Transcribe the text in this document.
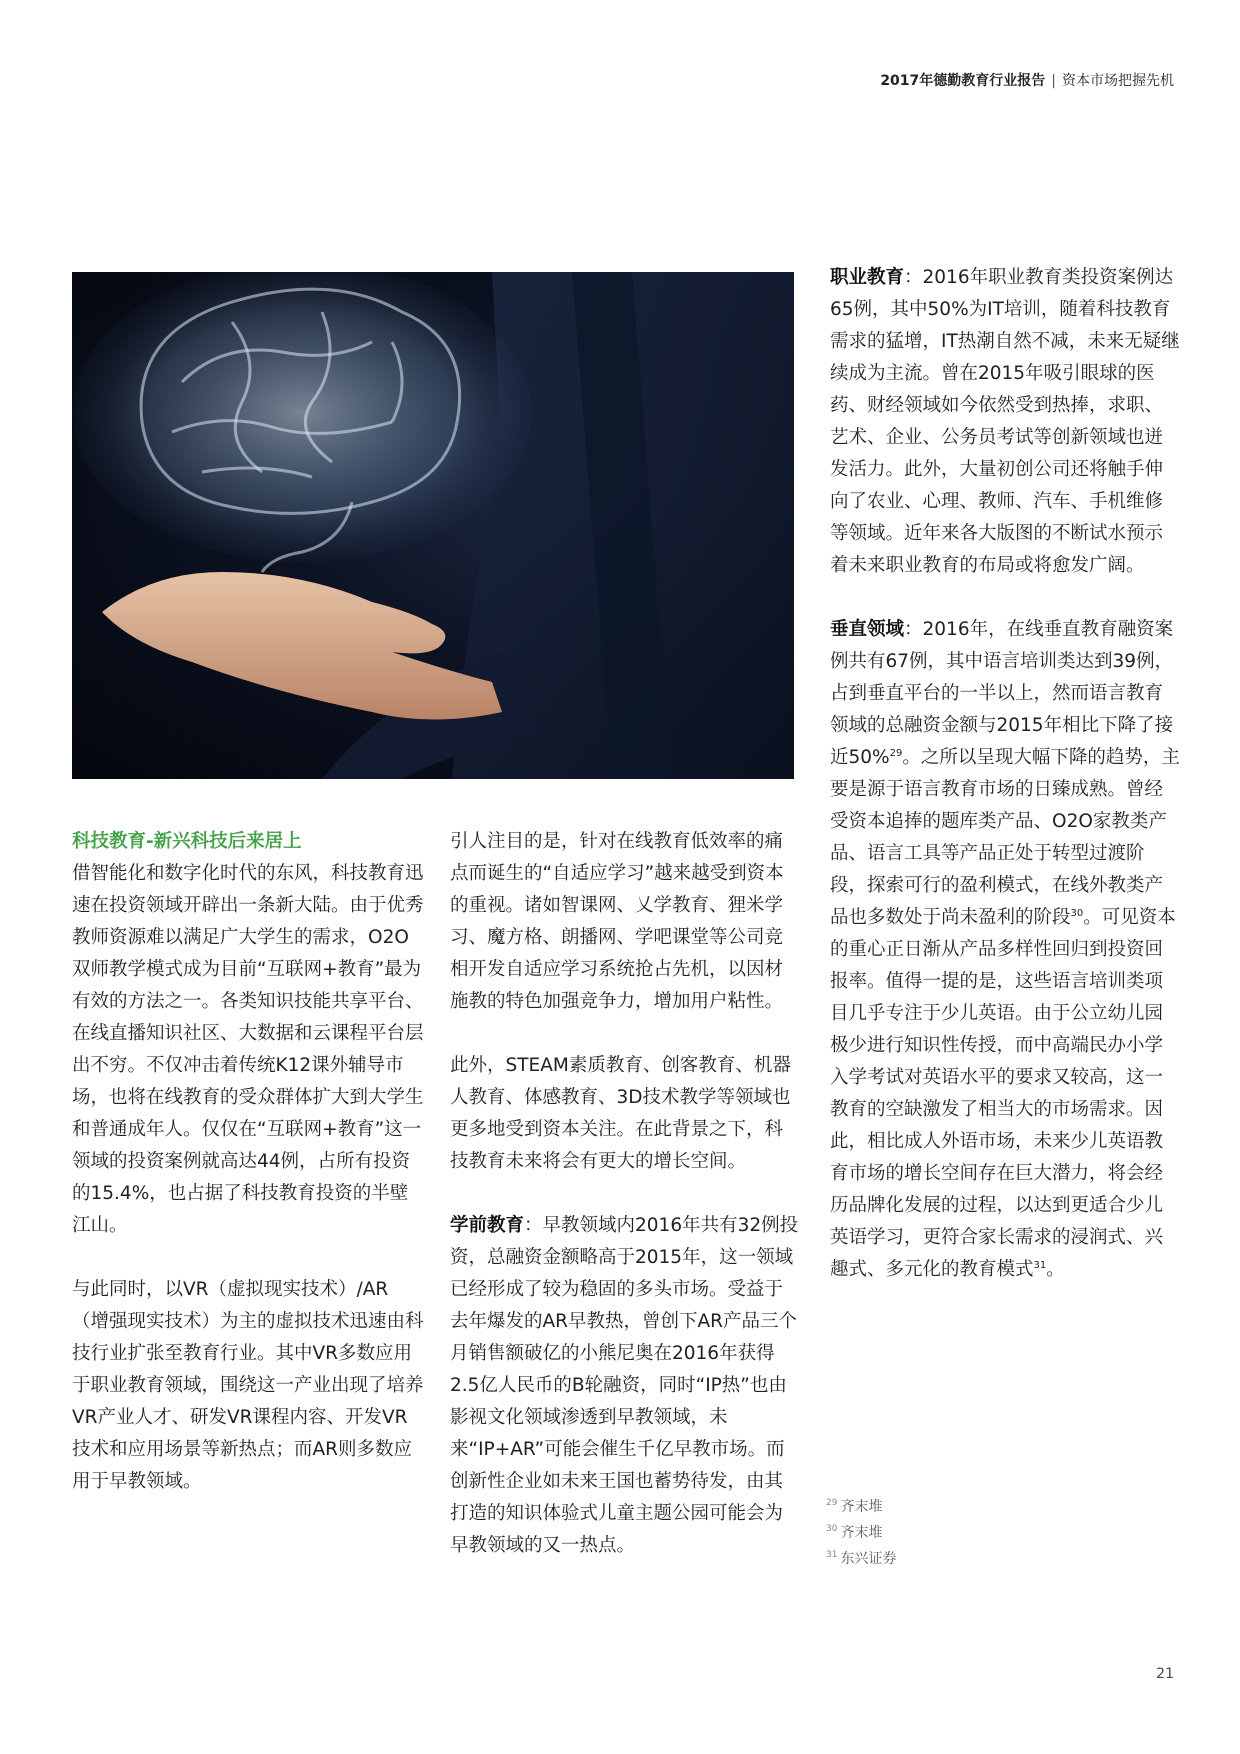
2017年德勤教育行业报告 | 资本市场把握先机

科技教育-新兴科技后来居上

借智能化和数字化时代的东风，科技教育迅速在投资领域开辟出一条新大陆。由于优秀教师资源难以满足广大学生的需求，O2O双师教学模式成为目前“互联网+教育”最为有效的方法之一。各类知识技能共享平台、在线直播知识社区、大数据和云课程平台层出不穷。不仅冲击着传统K12课外辅导市场，也将在线教育的受众群体扩大到大学生和普通成年人。仅仅在“互联网+教育”这一领域的投资案例就高达44例，占所有投资的15.4%，也占据了科技教育投资的半壁江山。

与此同时，以VR（虚拟现实技术）/AR（增强现实技术）为主的虚拟技术迅速由科技行业扩张至教育行业。其中VR多数应用于职业教育领域，围绕这一产业出现了培养VR产业人才、研发VR课程内容、开发VR技术和应用场景等新热点；而AR则多数应用于早教领域。

引人注目的是，针对在线教育低效率的痛点而诞生的“自适应学习”越来越受到资本的重视。诸如智课网、乂学教育、狸米学习、魔方格、朗播网、学吧课堂等公司竞相开发自适应学习系统抢占先机，以因材施教的特色加强竞争力，增加用户粘性。

此外，STEAM素质教育、创客教育、机器人教育、体感教育、3D技术教学等领域也更多地受到资本关注。在此背景之下，科技教育未来将会有更大的增长空间。

学前教育：早教领域内2016年共有32例投资，总融资金额略高于2015年，这一领域已经形成了较为稳固的多头市场。受益于去年爆发的AR早教热，曾创下AR产品三个月销售额破亿的小熊尼奥在2016年获得2.5亿人民币的B轮融资，同时“IP热”也由影视文化领域渗透到早教领域，未来“IP+AR”可能会催生千亿早教市场。而创新性企业如未来王国也蓄势待发，由其打造的知识体验式儿童主题公园可能会为早教领域的又一热点。

职业教育：2016年职业教育类投资案例达65例，其中50%为IT培训，随着科技教育需求的猛增，IT热潮自然不减，未来无疑继续成为主流。曾在2015年吸引眼球的医药、财经领域如今依然受到热捧，求职、艺术、企业、公务员考试等创新领域也迸发活力。此外，大量初创公司还将触手伸向了农业、心理、教师、汽车、手机维修等领域。近年来各大版图的不断试水预示着未来职业教育的布局或将愈发广阔。

垂直领域：2016年，在线垂直教育融资案例共有67例，其中语言培训类达到39例，占到垂直平台的一半以上，然而语言教育领域的总融资金额与2015年相比下降了接近50%$^{29}$。之所以呈现大幅下降的趋势，主要是源于语言教育市场的日臻成熟。曾经受资本追捧的题库类产品、O2O家教类产品、语言工具等产品正处于转型过渡阶段，探索可行的盈利模式，在线外教类产品也多数处于尚未盈利的阶段$^{30}$。可见资本的重心正日渐从产品多样性回归到投资回报率。值得一提的是，这些语言培训类项目几乎专注于少儿英语。由于公立幼儿园极少进行知识性传授，而中高端民办小学入学考试对英语水平的要求又较高，这一教育的空缺激发了相当大的市场需求。因此，相比成人外语市场，未来少儿英语教育市场的增长空间存在巨大潜力，将会经历品牌化发展的过程，以达到更适合少儿英语学习，更符合家长需求的浸润式、兴趣式、多元化的教育模式$^{31}$。

$^{29}$ 齐末堆
$^{30}$ 齐末堆
$^{31}$ 东兴证券
21
